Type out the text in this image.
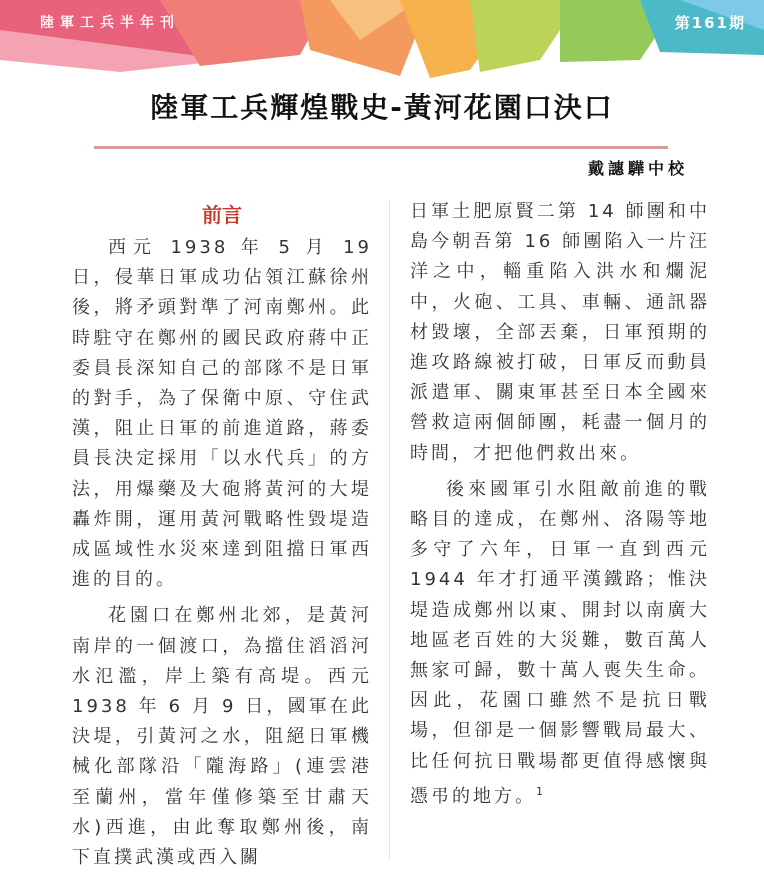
陸軍工兵半年刊	第161期
陸軍工兵輝煌戰史-黃河花園口決口
戴譓驊中校
前言

西元 1938 年 5 月 19 日，侵華日軍成功佔領江蘇徐州後，將矛頭對準了河南鄭州。此時駐守在鄭州的國民政府蔣中正委員長深知自己的部隊不是日軍的對手，為了保衛中原、守住武漢，阻止日軍的前進道路，蔣委員長決定採用「以水代兵」的方法，用爆藥及大砲將黃河的大堤轟炸開，運用黃河戰略性毀堤造成區域性水災來達到阻擋日軍西進的目的。

花園口在鄭州北郊，是黃河南岸的一個渡口，為擋住滔滔河水氾濫，岸上築有高堤。西元 1938 年 6 月 9 日，國軍在此決堤，引黃河之水，阻絕日軍機械化部隊沿「隴海路」(連雲港至蘭州，當年僅修築至甘肅天水)西進，由此奪取鄭州後，南下直撲武漢或西入關

日軍土肥原賢二第 14 師團和中島今朝吾第 16 師團陷入一片汪洋之中，輜重陷入洪水和爛泥中，火砲、工具、車輛、通訊器材毀壞，全部丟棄，日軍預期的進攻路線被打破，日軍反而動員派遣軍、關東軍甚至日本全國來營救這兩個師團，耗盡一個月的時間，才把他們救出來。

後來國軍引水阻敵前進的戰略目的達成，在鄭州、洛陽等地多守了六年，日軍一直到西元 1944 年才打通平漢鐵路；惟決堤造成鄭州以東、開封以南廣大地區老百姓的大災難，數百萬人無家可歸，數十萬人喪失生命。因此，花園口雖然不是抗日戰場，但卻是一個影響戰局最大、比任何抗日戰場都更值得感懷與憑弔的地方。$^1$
